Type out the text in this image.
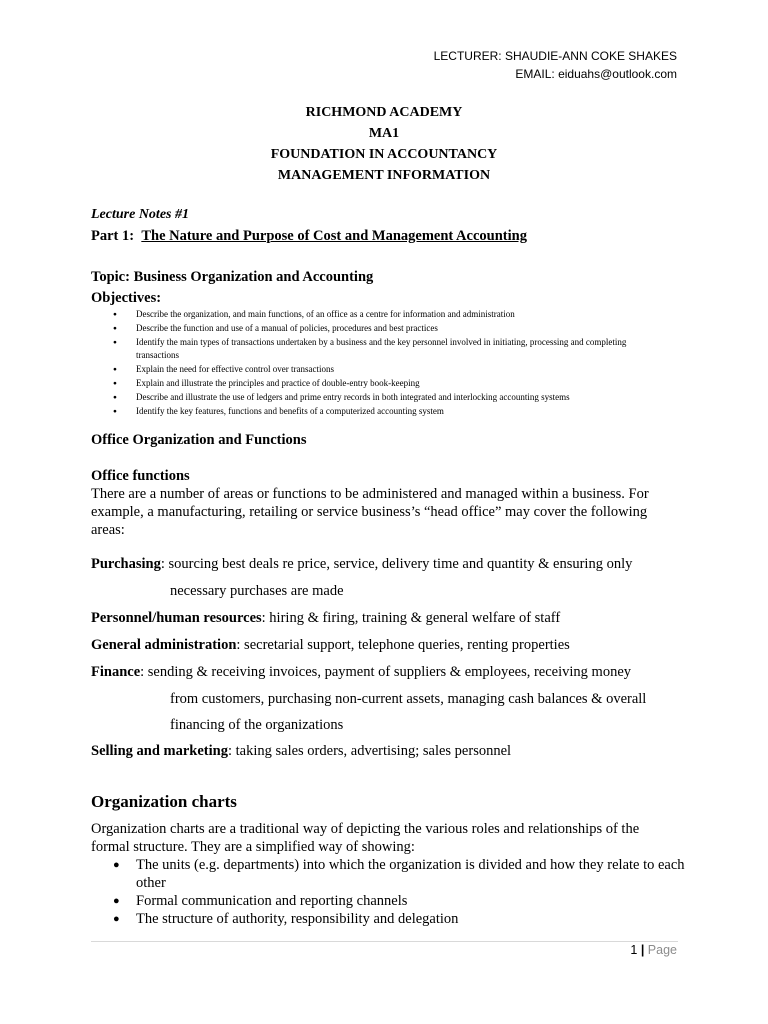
LECTURER: SHAUDIE-ANN COKE SHAKES
EMAIL: eiduahs@outlook.com
RICHMOND ACADEMY
MA1
FOUNDATION IN ACCOUNTANCY
MANAGEMENT INFORMATION
Lecture Notes #1
Part 1: The Nature and Purpose of Cost and Management Accounting
Topic: Business Organization and Accounting
Objectives:
● Describe the organization, and main functions, of an office as a centre for information and administration
● Describe the function and use of a manual of policies, procedures and best practices
● Identify the main types of transactions undertaken by a business and the key personnel involved in initiating, processing and completing transactions
● Explain the need for effective control over transactions
● Explain and illustrate the principles and practice of double-entry book-keeping
● Describe and illustrate the use of ledgers and prime entry records in both integrated and interlocking accounting systems
● Identify the key features, functions and benefits of a computerized accounting system
Office Organization and Functions
Office functions
There are a number of areas or functions to be administered and managed within a business. For example, a manufacturing, retailing or service business’s “head office” may cover the following areas:
Purchasing: sourcing best deals re price, service, delivery time and quantity & ensuring only
necessary purchases are made
Personnel/human resources: hiring & firing, training & general welfare of staff
General administration: secretarial support, telephone queries, renting properties
Finance: sending & receiving invoices, payment of suppliers & employees, receiving money
from customers, purchasing non-current assets, managing cash balances & overall
financing of the organizations
Selling and marketing: taking sales orders, advertising; sales personnel
Organization charts
Organization charts are a traditional way of depicting the various roles and relationships of the formal structure. They are a simplified way of showing:
● The units (e.g. departments) into which the organization is divided and how they relate to each other
● Formal communication and reporting channels
● The structure of authority, responsibility and delegation
1 | Page
